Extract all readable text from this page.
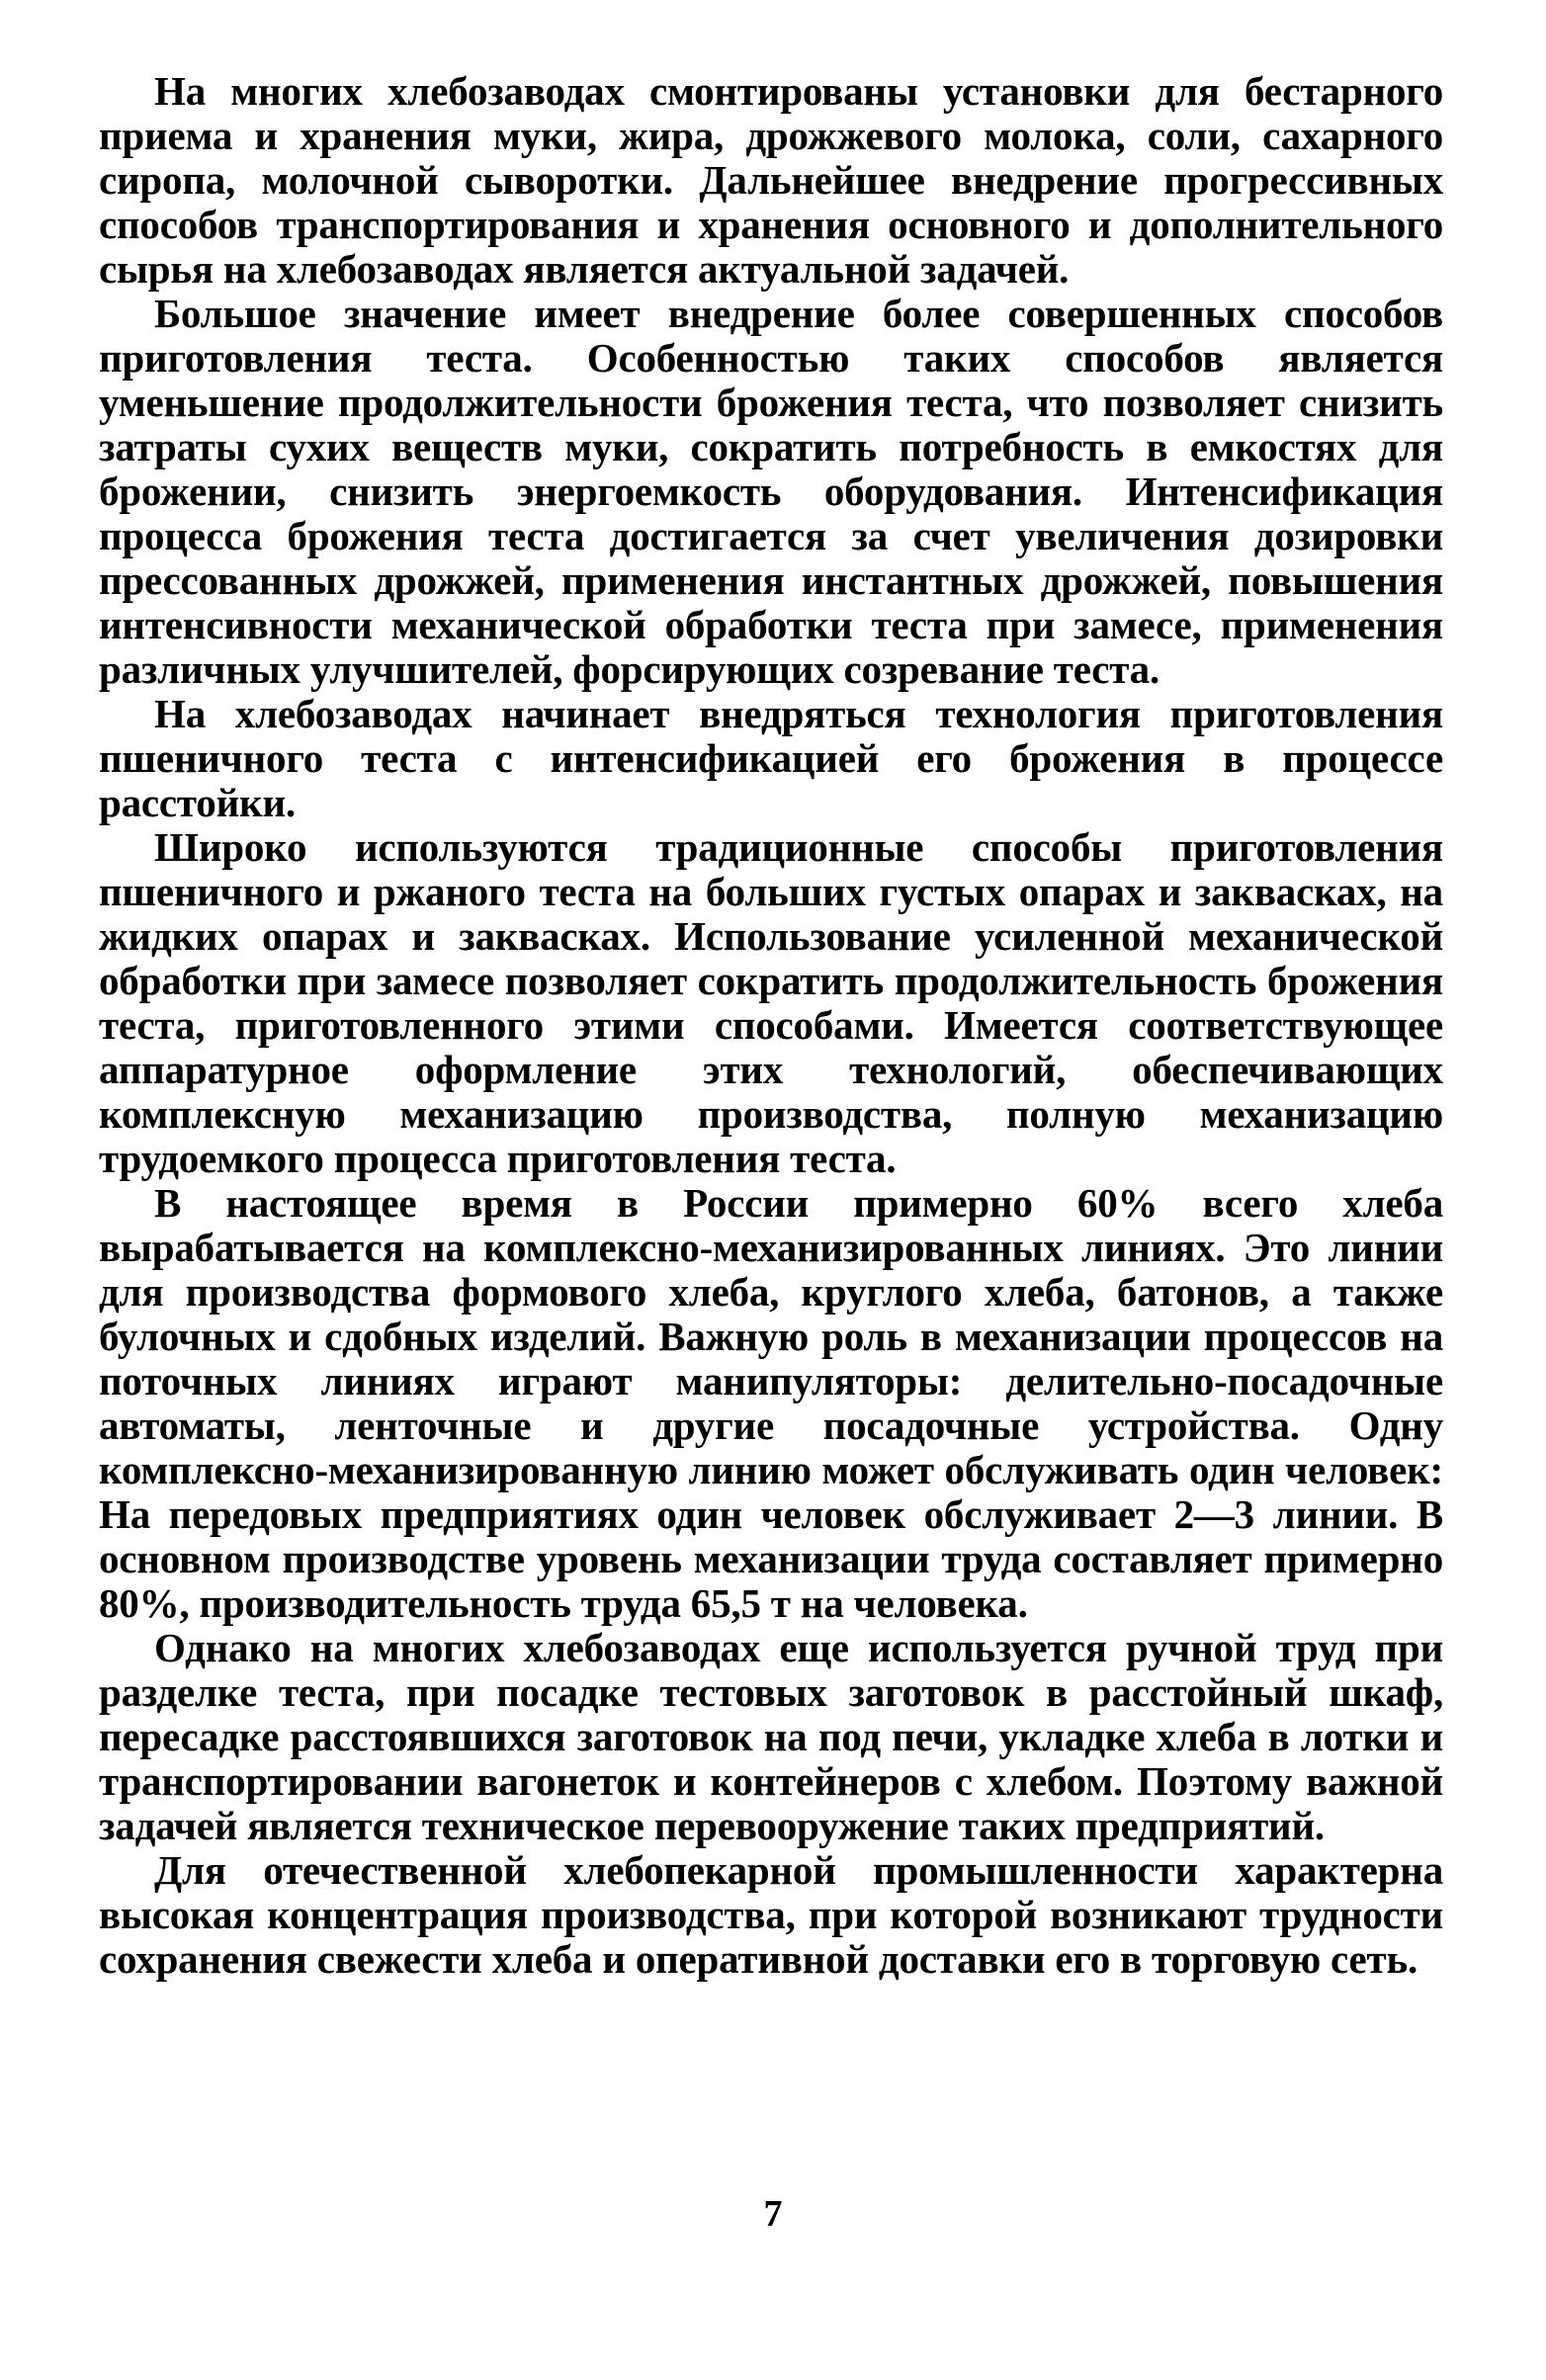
На многих хлебозаводах смонтированы установки для бестарного приема и хранения муки, жира, дрожжевого молока, соли, сахарного сиропа, молочной сыворотки. Дальнейшее внедрение прогрессивных способов транспортирования и хранения основного и дополнительного сырья на хлебозаводах является актуальной задачей.

Большое значение имеет внедрение более совершенных способов приготовления теста. Особенностью таких способов является уменьшение продолжительности брожения теста, что позволяет снизить затраты сухих веществ муки, сократить потребность в емкостях для брожении, снизить энергоемкость оборудования. Интенсификация процесса брожения теста достигается за счет увеличения дозировки прессованных дрожжей, применения инстантных дрожжей, повышения интенсивности механической обработки теста при замесе, применения различных улучшителей, форсирующих созревание теста.

На хлебозаводах начинает внедряться технология приготовления пшеничного теста с интенсификацией его брожения в процессе расстойки.

Широко используются традиционные способы приготовления пшеничного и ржаного теста на больших густых опарах и заквасках, на жидких опарах и заквасках. Использование усиленной механической обработки при замесе позволяет сократить продолжительность брожения теста, приготовленного этими способами. Имеется соответствующее аппаратурное оформление этих технологий, обеспечивающих комплексную механизацию производства, полную механизацию трудоемкого процесса приготовления теста.

В настоящее время в России примерно 60% всего хлеба вырабатывается на комплексно-механизированных линиях. Это линии для производства формового хлеба, круглого хлеба, батонов, а также булочных и сдобных изделий. Важную роль в механизации процессов на поточных линиях играют манипуляторы: делительно-посадочные автоматы, ленточные и другие посадочные устройства. Одну комплексно-механизированную линию может обслуживать один человек: На передовых предприятиях один человек обслуживает 2—3 линии. В основном производстве уровень механизации труда составляет примерно 80%, производительность труда 65,5 т на человека.

Однако на многих хлебозаводах еще используется ручной труд при разделке теста, при посадке тестовых заготовок в расстойный шкаф, пересадке расстоявшихся заготовок на под печи, укладке хлеба в лотки и транспортировании вагонеток и контейнеров с хлебом. Поэтому важной задачей является техническое перевооружение таких предприятий.

Для отечественной хлебопекарной промышленности характерна высокая концентрация производства, при которой возникают трудности сохранения свежести хлеба и оперативной доставки его в торговую сеть.

7
